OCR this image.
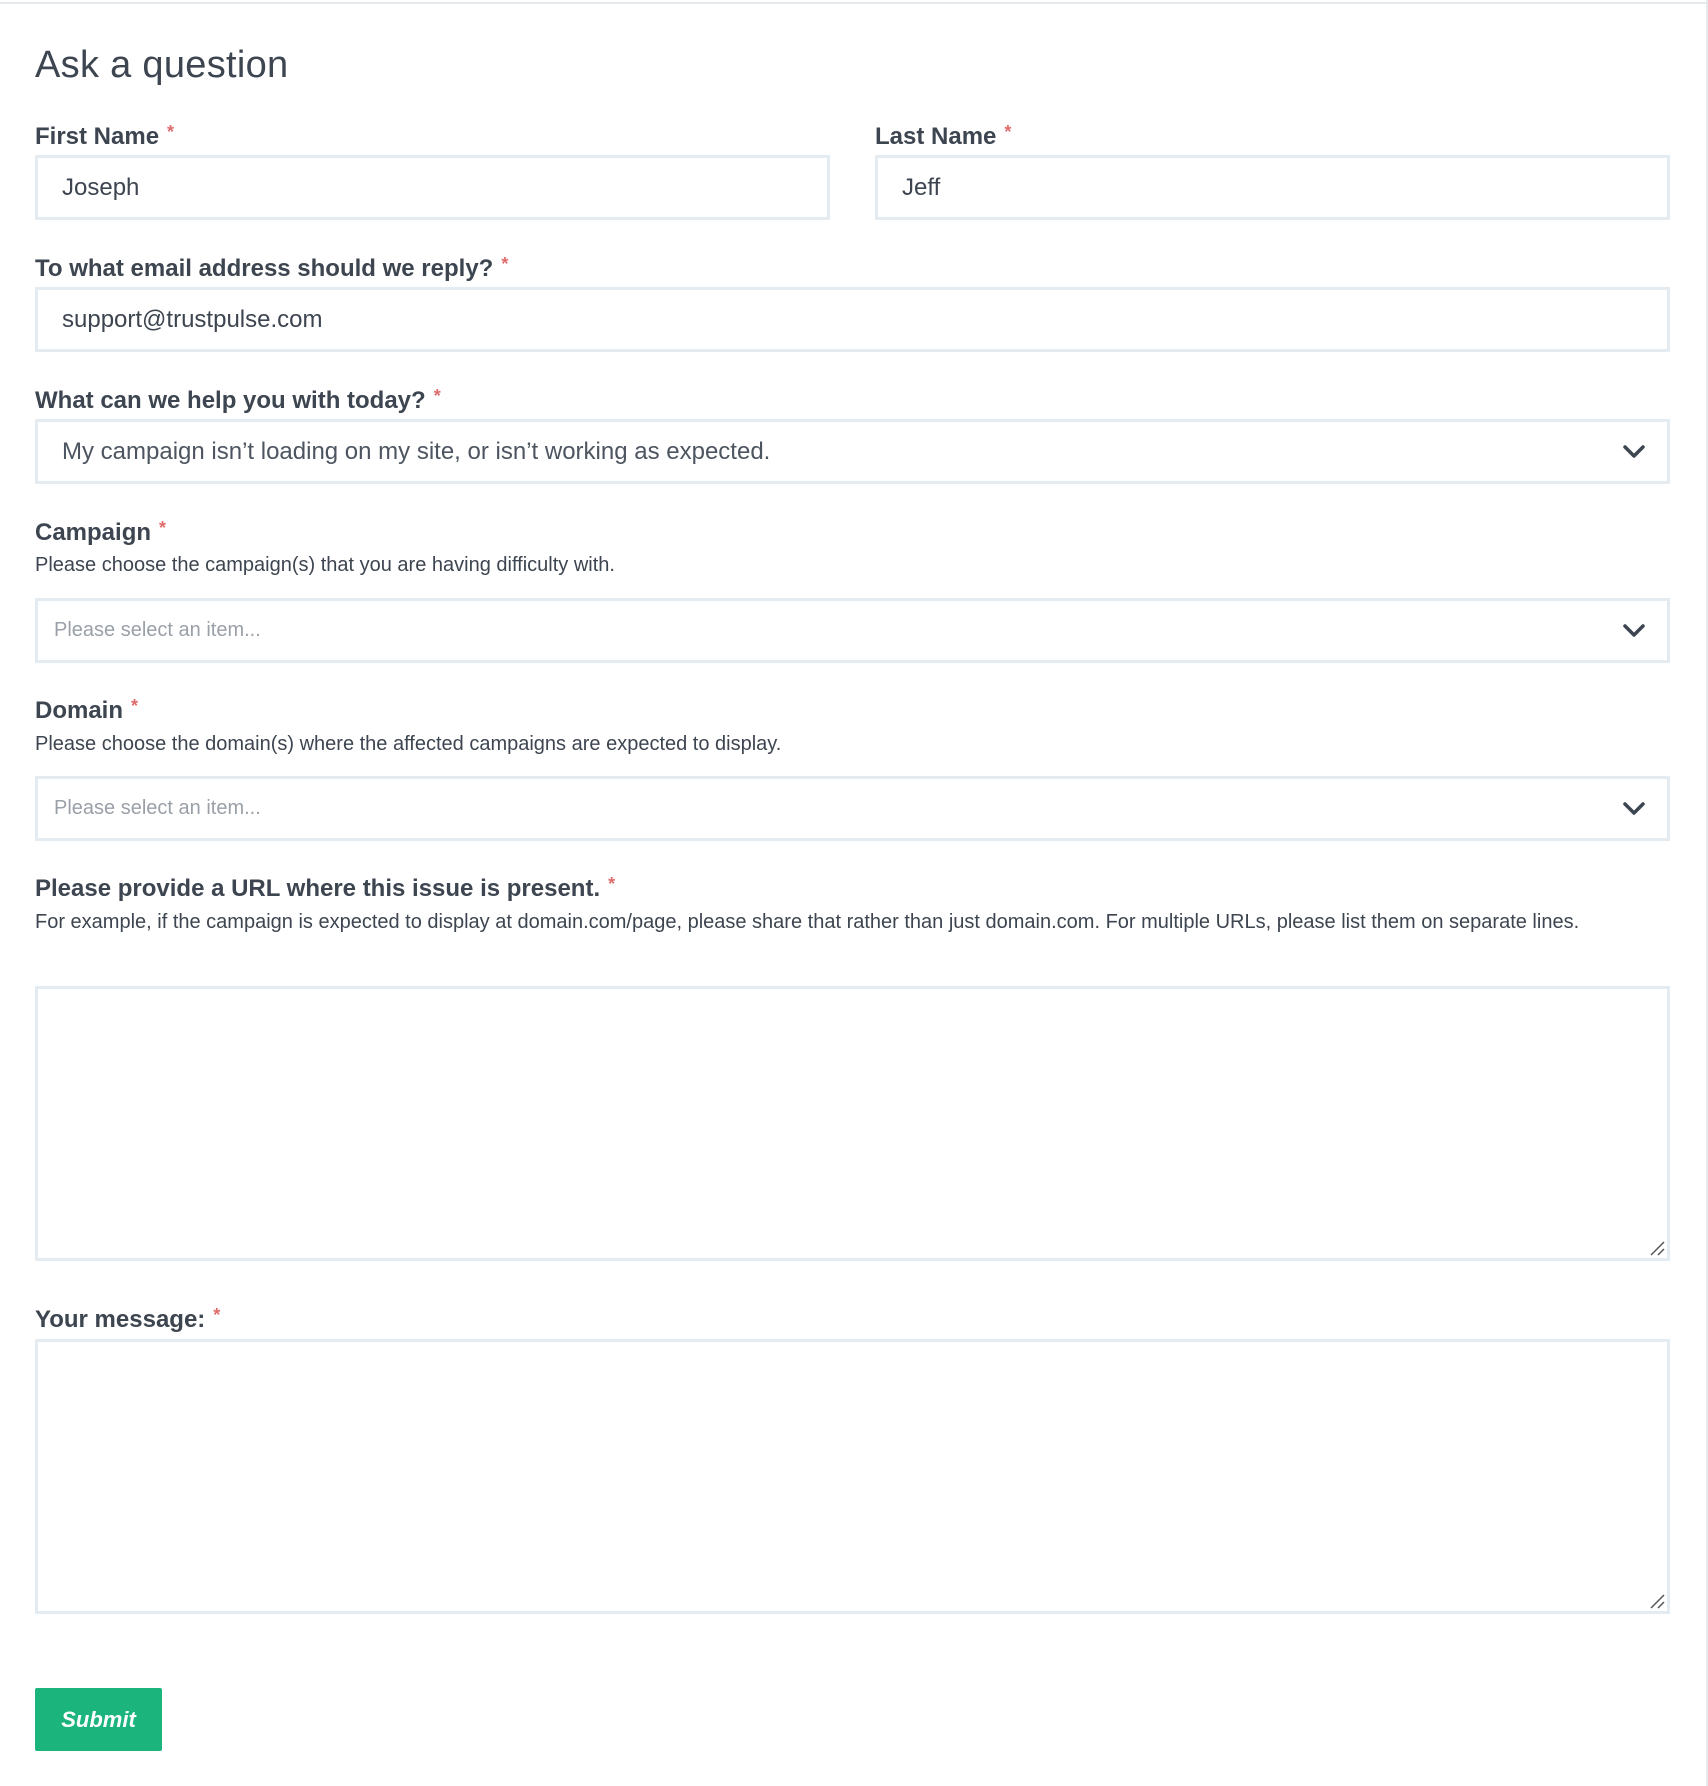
Ask a question
First Name *
Joseph
Last Name *
Jeff
To what email address should we reply? *
support@trustpulse.com
What can we help you with today? *
My campaign isn’t loading on my site, or isn’t working as expected.
Campaign *
Please choose the campaign(s) that you are having difficulty with.
Please select an item...
Domain *
Please choose the domain(s) where the affected campaigns are expected to display.
Please select an item...
Please provide a URL where this issue is present. *
For example, if the campaign is expected to display at domain.com/page, please share that rather than just domain.com. For multiple URLs, please list them on separate lines.
Your message: *
Submit
